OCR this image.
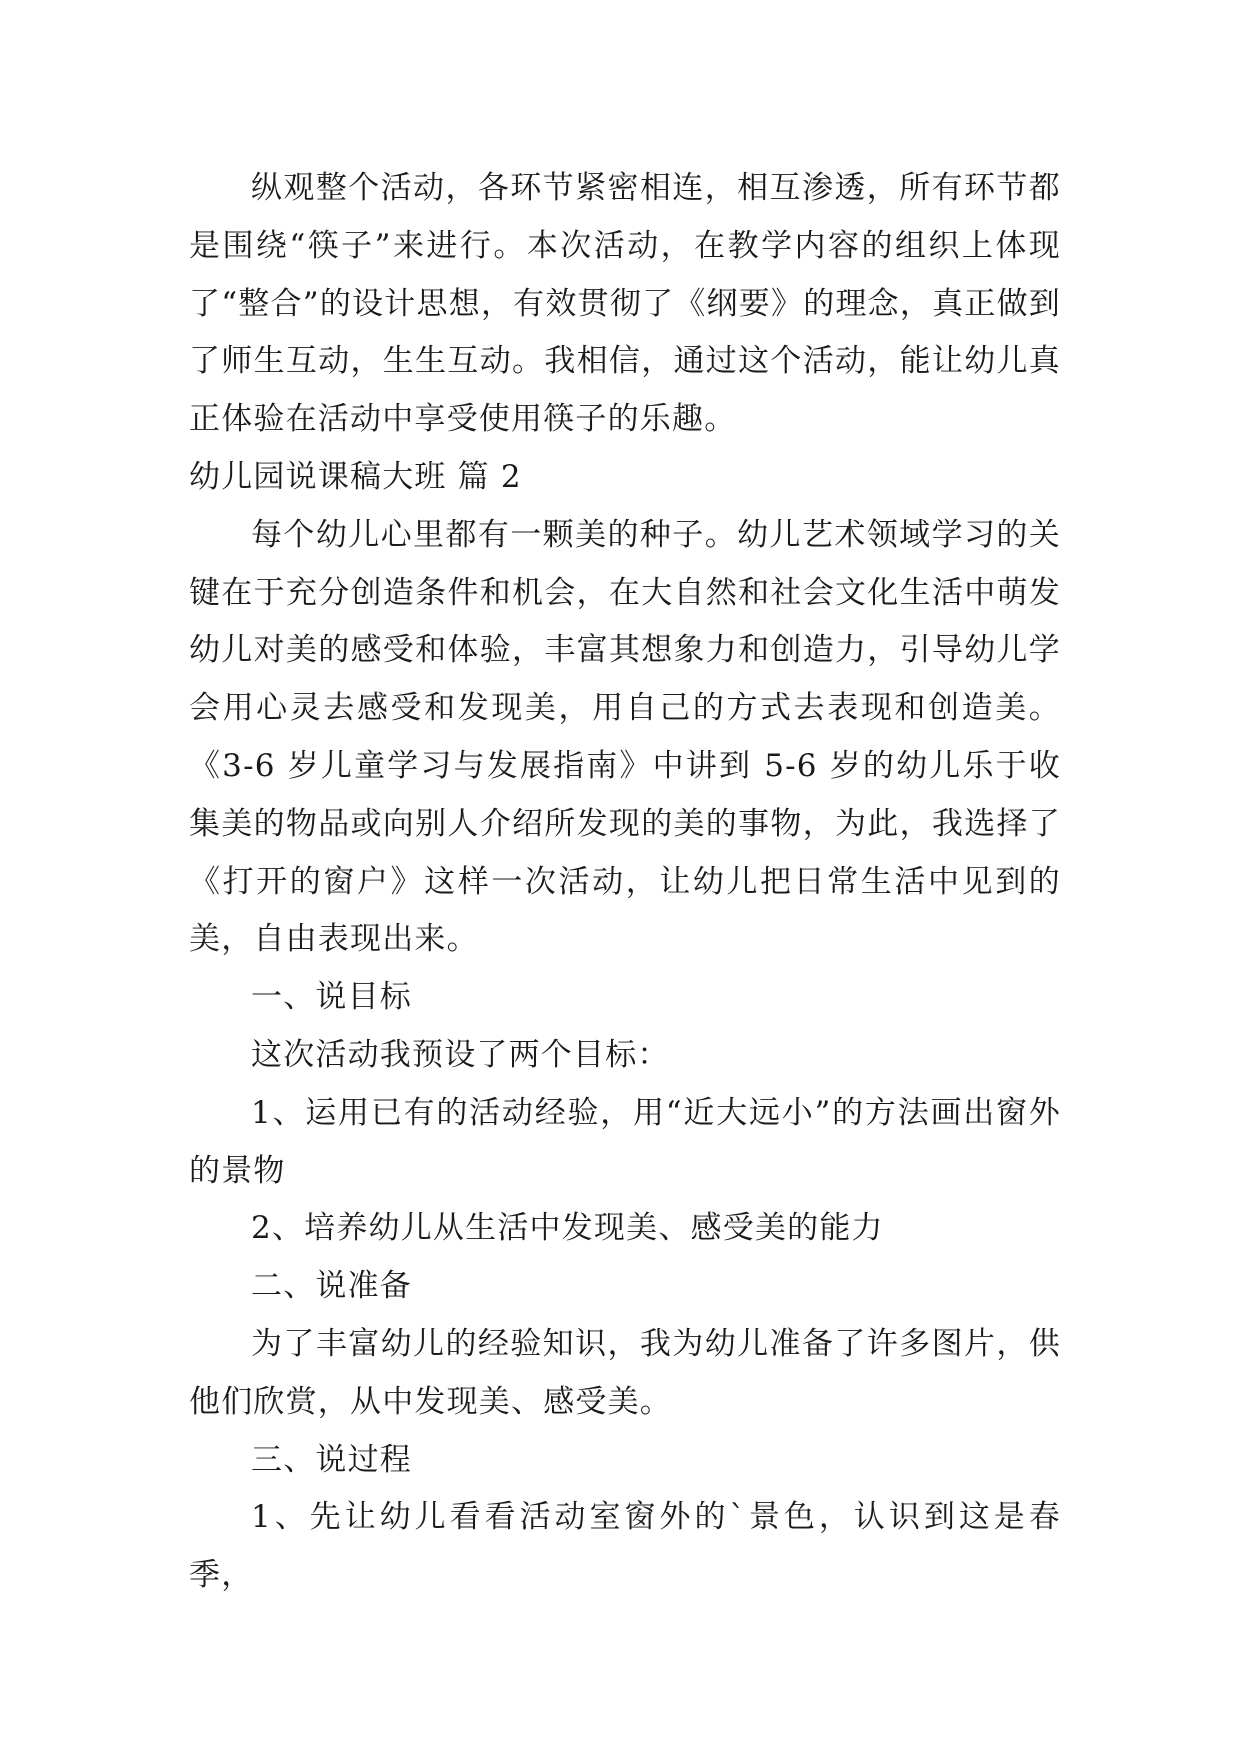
纵观整个活动，各环节紧密相连，相互渗透，所有环节都是围绕“筷子”来进行。本次活动，在教学内容的组织上体现了“整合”的设计思想，有效贯彻了《纲要》的理念，真正做到了师生互动，生生互动。我相信，通过这个活动，能让幼儿真正体验在活动中享受使用筷子的乐趣。

幼儿园说课稿大班 篇 2

每个幼儿心里都有一颗美的种子。幼儿艺术领域学习的关键在于充分创造条件和机会，在大自然和社会文化生活中萌发幼儿对美的感受和体验，丰富其想象力和创造力，引导幼儿学会用心灵去感受和发现美，用自己的方式去表现和创造美。《3-6 岁儿童学习与发展指南》中讲到 5-6 岁的幼儿乐于收集美的物品或向别人介绍所发现的美的事物，为此，我选择了《打开的窗户》这样一次活动，让幼儿把日常生活中见到的美，自由表现出来。

一、说目标

这次活动我预设了两个目标：

1、运用已有的活动经验，用“近大远小”的方法画出窗外的景物

2、培养幼儿从生活中发现美、感受美的能力

二、说准备

为了丰富幼儿的经验知识，我为幼儿准备了许多图片，供他们欣赏，从中发现美、感受美。

三、说过程

1、先让幼儿看看活动室窗外的`景色，认识到这是春季，
